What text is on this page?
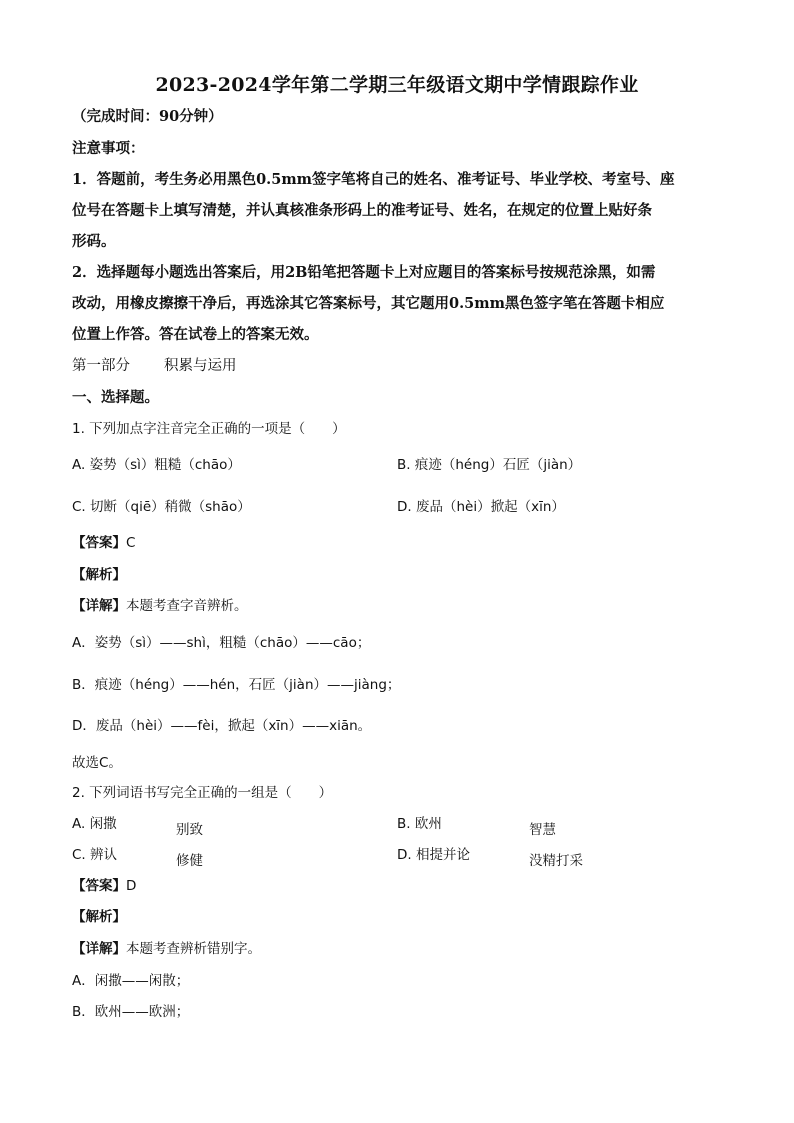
2023-2024学年第二学期三年级语文期中学情跟踪作业
（完成时间：90分钟）
注意事项：
1．答题前，考生务必用黑色0.5mm签字笔将自己的姓名、准考证号、毕业学校、考室号、座
位号在答题卡上填写清楚，并认真核准条形码上的准考证号、姓名，在规定的位置上贴好条
形码。
2．选择题每小题选出答案后，用2B铅笔把答题卡上对应题目的答案标号按规范涂黑，如需
改动，用橡皮擦擦干净后，再选涂其它答案标号，其它题用0.5mm黑色签字笔在答题卡相应
位置上作答。答在试卷上的答案无效。
第一部分 积累与运用
一、选择题。
1. 下列加点字注音完全正确的一项是（　　）
A. 姿势（sì）粗糙（chāo）	B. 痕迹（héng）石匠（jiàn）
C. 切断（qiē）稍微（shāo）	D. 废品（hèi）掀起（xīn）
【答案】C
【解析】
【详解】本题考查字音辨析。
A．姿势（sì）——shì，粗糙（chāo）——cāo；
B．痕迹（héng）——hén，石匠（jiàn）——jiàng；
D．废品（hèi）——fèi，掀起（xīn）——xiān。
故选C。
2. 下列词语书写完全正确的一组是（　　）
A. 闲撒	别致	B. 欧州	智慧
C. 辨认	修健	D. 相提并论	没精打采
【答案】D
【解析】
【详解】本题考查辨析错别字。
A．闲撒——闲散；
B．欧州——欧洲；
